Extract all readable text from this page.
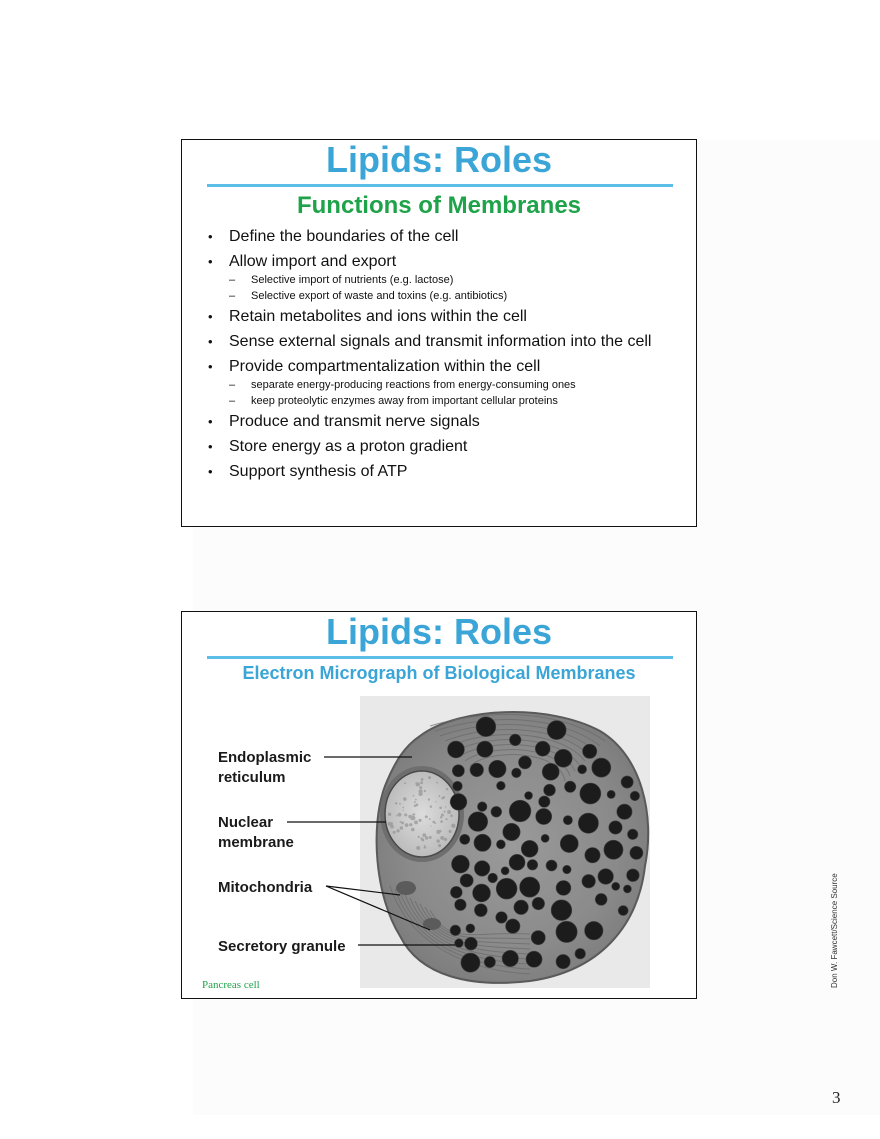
Lipids: Roles
Functions of Membranes
• Define the boundaries of the cell
• Allow import and export
– Selective import of nutrients (e.g. lactose)
– Selective export of waste and toxins (e.g. antibiotics)
• Retain metabolites and ions within the cell
• Sense external signals and transmit information into the cell
• Provide compartmentalization within the cell
– separate energy-producing reactions from energy-consuming ones
– keep proteolytic enzymes away from important cellular proteins
• Produce and transmit nerve signals
• Store energy as a proton gradient
• Support synthesis of ATP
Lipids: Roles
Electron Micrograph of Biological Membranes
Don W. Fawcett/Science Source
Endoplasmic
reticulum
Nuclear
membrane
Mitochondria
Secretory granule
Pancreas cell
3
